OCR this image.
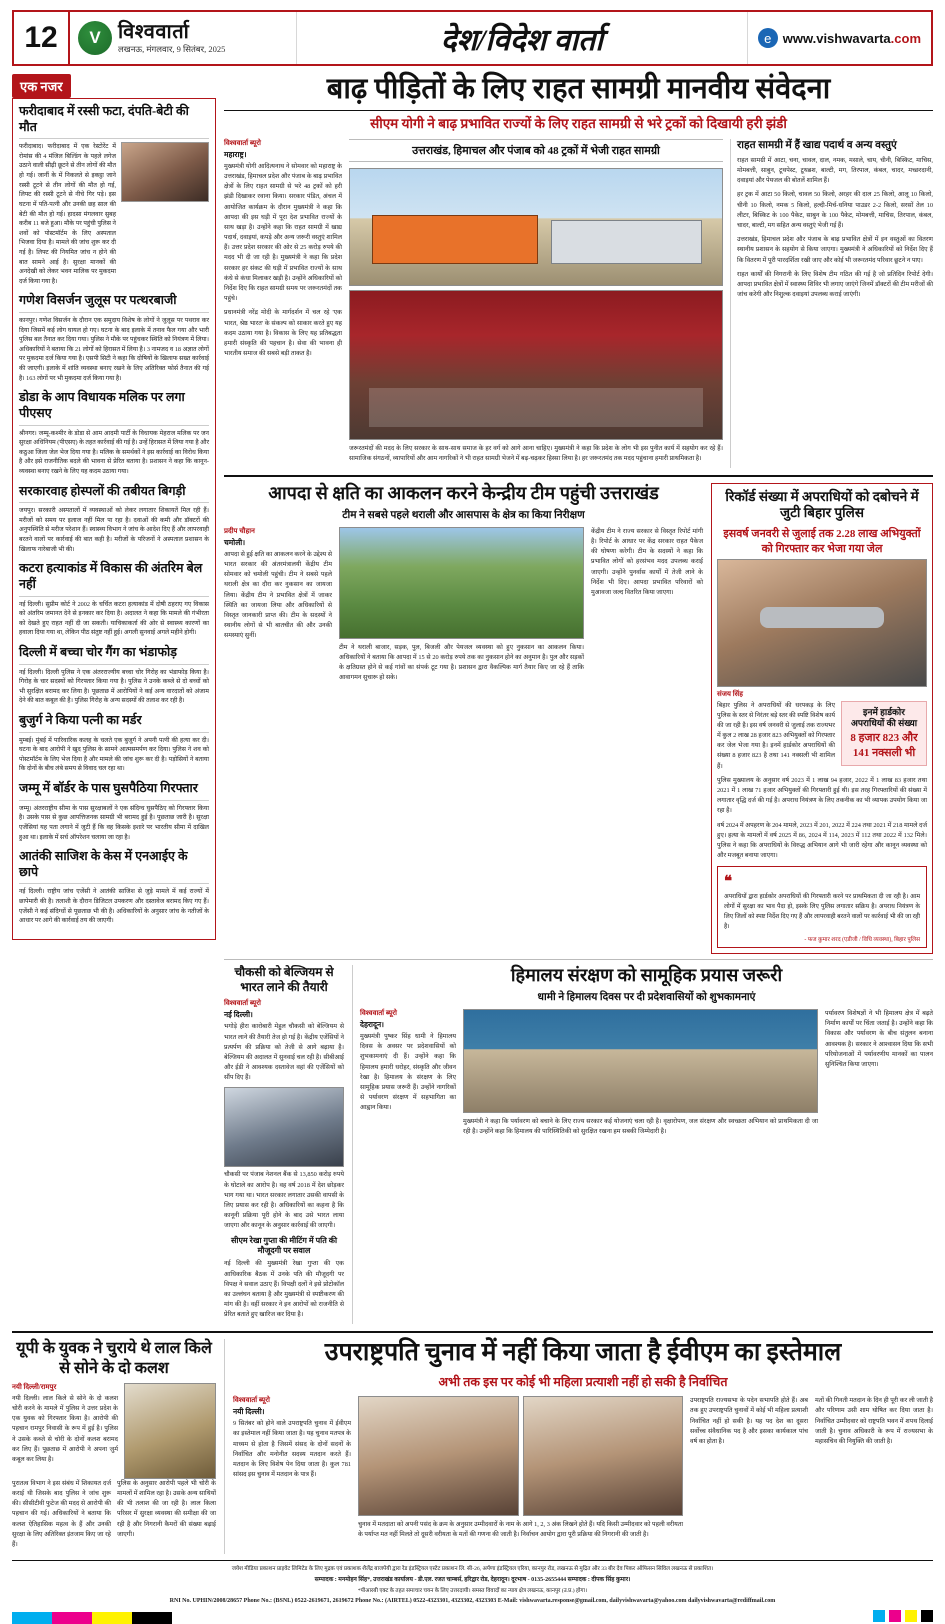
12	V विश्ववार्ता
लखनऊ, मंगलवार, 9 सितंबर, 2025	देश/विदेश वार्ता	e www.vishwavarta.com
एक नजर
फरीदाबाद में रस्सी फटा, दंपति-बेटी की मौत

फरीदाबाद। फरीदाबाद में एक रेस्टोरेंट में रोमांस की 4 मंजिल बिल्डिंग के पहले लगेज उठाने वाली सीढ़ी छूटने से तीन लोगों की मौत हो गई। जानीं के में निकलते से इकट्ठा जाने रस्सी टूटने से तीन लोगों की मौत हो गई, लिफ्ट की रस्सी टूटने से नीचे गिर पड़े। इस घटना में पति-पत्नी और उनकी छह साल की बेटी की मौत हो गई। हादसा मंगलवार सुबह करीब 11 बजे हुआ। मौके पर पहुंची पुलिस ने शवों को पोस्टमॉर्टम के लिए अस्पताल भिजवा दिया है। मामले की जांच शुरू कर दी गई है। लिफ्ट की नियमित जांच न होने की बात सामने आई है। सुरक्षा मानकों की अनदेखी को लेकर भवन मालिक पर मुकदमा दर्ज किया गया है।

गणेश विसर्जन जुलूस पर पत्थरबाजी

कानपुर। गणेश विसर्जन के दौरान एक समुदाय विशेष के लोगों ने जुलूस पर पथराव कर दिया जिसमें कई लोग घायल हो गए। घटना के बाद इलाके में तनाव फैल गया और भारी पुलिस बल तैनात कर दिया गया। पुलिस ने मौके पर पहुंचकर स्थिति को नियंत्रण में लिया। अधिकारियों ने बताया कि 21 लोगों को हिरासत में लिया है। 3 नामजद व 18 अज्ञात लोगों पर मुकदमा दर्ज किया गया है। एसपी सिटी ने कहा कि दोषियों के खिलाफ सख्त कार्रवाई की जाएगी। इलाके में शांति व्यवस्था बनाए रखने के लिए अतिरिक्त फोर्स तैनात की गई है। 163 लोगों पर भी मुकदमा दर्ज किया गया है।

डोडा के आप विधायक मलिक पर लगा पीएसए

श्रीनगर। जम्मू-कश्मीर के डोडा से आम आदमी पार्टी के विधायक मेहराज मलिक पर जन सुरक्षा अधिनियम (पीएसए) के तहत कार्रवाई की गई है। उन्हें हिरासत में लिया गया है और कठुआ जिला जेल भेज दिया गया है। मलिक के समर्थकों ने इस कार्रवाई का विरोध किया है और इसे राजनीतिक बदले की भावना से प्रेरित बताया है। प्रशासन ने कहा कि कानून-व्यवस्था बनाए रखने के लिए यह कदम उठाया गया।

सरकारवाह होस्पलों की तबीयत बिगड़ी

जयपुर। सरकारी अस्पतालों में व्यवस्थाओं को लेकर लगातार शिकायतें मिल रही हैं। मरीजों को समय पर इलाज नहीं मिल पा रहा है। दवाओं की कमी और डॉक्टरों की अनुपस्थिति से मरीज परेशान हैं। स्वास्थ्य विभाग ने जांच के आदेश दिए हैं और लापरवाही बरतने वालों पर कार्रवाई की बात कही है। मरीजों के परिजनों ने अस्पताल प्रशासन के खिलाफ नारेबाजी भी की।

कटरा हत्याकांड में विकास की अंतरिम बेल नहीं

नई दिल्ली। सुप्रीम कोर्ट ने 2002 के चर्चित कटरा हत्याकांड में दोषी ठहराए गए विकास को अंतरिम जमानत देने से इनकार कर दिया है। अदालत ने कहा कि मामले की गंभीरता को देखते हुए राहत नहीं दी जा सकती। याचिकाकर्ता की ओर से स्वास्थ्य कारणों का हवाला दिया गया था, लेकिन पीठ संतुष्ट नहीं हुई। अगली सुनवाई अगले महीने होगी।

दिल्ली में बच्चा चोर गैंग का भंडाफोड़

नई दिल्ली। दिल्ली पुलिस ने एक अंतरराज्यीय बच्चा चोर गिरोह का भंडाफोड़ किया है। गिरोह के चार सदस्यों को गिरफ्तार किया गया है। पुलिस ने उनके कब्जे से दो बच्चों को भी सुरक्षित बरामद कर लिया है। पूछताछ में आरोपियों ने कई अन्य वारदातों को अंजाम देने की बात कबूल की है। पुलिस गिरोह के अन्य सदस्यों की तलाश कर रही है।

बुजुर्ग ने किया पत्नी का मर्डर

मुम्बई। मुंबई में पारिवारिक कलह के चलते एक बुजुर्ग ने अपनी पत्नी की हत्या कर दी। घटना के बाद आरोपी ने खुद पुलिस के सामने आत्मसमर्पण कर दिया। पुलिस ने शव को पोस्टमॉर्टम के लिए भेज दिया है और मामले की जांच शुरू कर दी है। पड़ोसियों ने बताया कि दोनों के बीच लंबे समय से विवाद चल रहा था।

जम्मू में बॉर्डर के पास घुसपैठिया गिरफ्तार

जम्मू। अंतरराष्ट्रीय सीमा के पास सुरक्षाबलों ने एक संदिग्ध घुसपैठिए को गिरफ्तार किया है। उसके पास से कुछ आपत्तिजनक सामग्री भी बरामद हुई है। पूछताछ जारी है। सुरक्षा एजेंसियां यह पता लगाने में जुटी हैं कि वह किसके इशारे पर भारतीय सीमा में दाखिल हुआ था। इलाके में सर्च ऑपरेशन चलाया जा रहा है।

आतंकी साजिश के केस में एनआईए के छापे

नई दिल्ली। राष्ट्रीय जांच एजेंसी ने आतंकी साजिश से जुड़े मामले में कई राज्यों में छापेमारी की है। तलाशी के दौरान डिजिटल उपकरण और दस्तावेज बरामद किए गए हैं। एजेंसी ने कई संदिग्धों से पूछताछ भी की है। अधिकारियों के अनुसार जांच के नतीजों के आधार पर आगे की कार्रवाई तय की जाएगी।

बाढ़ पीड़ितों के लिए राहत सामग्री मानवीय संवेदना
सीएम योगी ने बाढ़ प्रभावित राज्यों के लिए राहत सामग्री से भरे ट्रकों को दिखायी हरी झंडी
विश्ववार्ता ब्यूरो
महाराष्ट्र।

मुख्यमंत्री योगी आदित्यनाथ ने सोमवार को महाराष्ट्र के उत्तराखंड, हिमाचल प्रदेश और पंजाब के बाढ़ प्रभावित क्षेत्रों के लिए राहत सामग्री से भरे 48 ट्रकों को हरी झंडी दिखाकर रवाना किया। सरकार पंडित, अंचल में आयोजित कार्यक्रम के दौरान मुख्यमंत्री ने कहा कि आपदा की इस घड़ी में पूरा देश प्रभावित राज्यों के साथ खड़ा है। उन्होंने कहा कि राहत सामग्री में खाद्य पदार्थ, दवाइयां, कपड़े और अन्य जरूरी वस्तुएं शामिल हैं। उत्तर प्रदेश सरकार की ओर से 25 करोड़ रुपये की मदद भी दी जा रही है। मुख्यमंत्री ने कहा कि प्रदेश सरकार हर संकट की घड़ी में प्रभावित राज्यों के साथ कंधे से कंधा मिलाकर खड़ी है। उन्होंने अधिकारियों को निर्देश दिए कि राहत सामग्री समय पर जरूरतमंदों तक पहुंचे।

प्रधानमंत्री नरेंद्र मोदी के मार्गदर्शन में चल रहे 'एक भारत, श्रेष्ठ भारत' के संकल्प को साकार करते हुए यह कदम उठाया गया है। विकास के लिए यह प्रतिबद्धता हमारी संस्कृति की पहचान है। सेवा की भावना ही भारतीय समाज की सबसे बड़ी ताकत है।

उत्तराखंड, हिमाचल और पंजाब को 48 ट्रकों में भेजी राहत सामग्री

जरूरतमंदों की मदद के लिए सरकार के साथ-साथ समाज के हर वर्ग को आगे आना चाहिए। मुख्यमंत्री ने कहा कि प्रदेश के लोग भी इस पुनीत कार्य में सहयोग कर रहे हैं। सामाजिक संगठनों, व्यापारियों और आम नागरिकों ने भी राहत सामग्री भेजने में बढ़-चढ़कर हिस्सा लिया है। हर जरूरतमंद तक मदद पहुंचाना हमारी प्राथमिकता है।

राहत सामग्री में हैं खाद्य पदार्थ व अन्य वस्तुएं

राहत सामग्री में आटा, चना, चावल, दाल, नमक, मसाले, चाय, चीनी, बिस्किट, माचिस, मोमबत्ती, साबुन, टूथपेस्ट, टूथब्रश, बाल्टी, मग, तिरपाल, कंबल, चादर, मच्छरदानी, दवाइयां और पेयजल की बोतलें शामिल हैं।

हर ट्रक में आटा 50 किलो, चावल 50 किलो, अरहर की दाल 25 किलो, आलू 10 किलो, चीनी 10 किलो, नमक 5 किलो, हल्दी-मिर्च-धनिया पाउडर 2-2 किलो, सरसों तेल 10 लीटर, बिस्किट के 100 पैकेट, साबुन के 100 पैकेट, मोमबत्ती, माचिस, तिरपाल, कंबल, चादर, बाल्टी, मग सहित अन्य वस्तुएं भेजी गई हैं।

उत्तराखंड, हिमाचल प्रदेश और पंजाब के बाढ़ प्रभावित क्षेत्रों में इन वस्तुओं का वितरण स्थानीय प्रशासन के सहयोग से किया जाएगा। मुख्यमंत्री ने अधिकारियों को निर्देश दिए हैं कि वितरण में पूरी पारदर्शिता रखी जाए और कोई भी जरूरतमंद परिवार छूटने न पाए।

राहत कार्यों की निगरानी के लिए विशेष टीम गठित की गई है जो प्रतिदिन रिपोर्ट देगी। आपदा प्रभावित क्षेत्रों में स्वास्थ्य शिविर भी लगाए जाएंगे जिनमें डॉक्टरों की टीम मरीजों की जांच करेगी और निशुल्क दवाइयां उपलब्ध कराई जाएंगी।

आपदा से क्षति का आकलन करने केन्द्रीय टीम पहुंची उत्तराखंड
टीम ने सबसे पहले थराली और आसपास के क्षेत्र का किया निरीक्षण
प्रदीप चौहान
चमोली।

आपदा से हुई क्षति का आकलन करने के उद्देश्य से भारत सरकार की अंतरमंत्रालयी केंद्रीय टीम सोमवार को चमोली पहुंची। टीम ने सबसे पहले थराली क्षेत्र का दौरा कर नुकसान का जायजा लिया। केंद्रीय टीम ने प्रभावित क्षेत्रों में जाकर स्थिति का जायजा लिया और अधिकारियों से विस्तृत जानकारी प्राप्त की। टीम के सदस्यों ने स्थानीय लोगों से भी बातचीत की और उनकी समस्याएं सुनीं।

टीम ने थराली बाजार, सड़क, पुल, बिजली और पेयजल व्यवस्था को हुए नुकसान का आकलन किया। अधिकारियों ने बताया कि आपदा में 15 से 20 करोड़ रुपये तक का नुकसान होने का अनुमान है। पुल और सड़कों के क्षतिग्रस्त होने से कई गांवों का संपर्क टूट गया है। प्रशासन द्वारा वैकल्पिक मार्ग तैयार किए जा रहे हैं ताकि आवागमन सुचारू हो सके।

केंद्रीय टीम ने राज्य सरकार से विस्तृत रिपोर्ट मांगी है। रिपोर्ट के आधार पर केंद्र सरकार राहत पैकेज की घोषणा करेगी। टीम के सदस्यों ने कहा कि प्रभावित लोगों को हरसंभव मदद उपलब्ध कराई जाएगी। उन्होंने पुनर्वास कार्यों में तेजी लाने के निर्देश भी दिए। आपदा प्रभावित परिवारों को मुआवजा जल्द वितरित किया जाएगा।

रिकॉर्ड संख्या में अपराधियों को दबोचने में जुटी बिहार पुलिस
इसवर्ष जनवरी से जुलाई तक 2.28 लाख अभियुक्तों को गिरफ्तार कर भेजा गया जेल
संजय सिंह

बिहार पुलिस ने अपराधियों की धरपकड़ के लिए पुलिस के स्तर से निरंतर बड़े स्तर की स्पष्टि विशेष कार्य की जा रही है। इस वर्ष जनवरी से जुलाई तक राज्यभर में कुल 2 लाख 28 हजार 823 अभियुक्तों को गिरफ्तार कर जेल भेजा गया है। इनमें हार्डकोर अपराधियों की संख्या 8 हजार 823 है तथा 141 नक्सली भी शामिल हैं।

इनमें हार्डकोर अपराधियों की संख्या
8 हजार 823 और
141 नक्सली भी

पुलिस मुख्यालय के अनुसार वर्ष 2023 में 1 लाख 94 हजार, 2022 में 1 लाख 83 हजार तथा 2021 में 1 लाख 71 हजार अभियुक्तों की गिरफ्तारी हुई थी। इस तरह गिरफ्तारियों की संख्या में लगातार वृद्धि दर्ज की गई है। अपराध नियंत्रण के लिए तकनीक का भी व्यापक उपयोग किया जा रहा है।

वर्ष 2024 में अपहरण के 204 मामले, 2023 में 201, 2022 में 224 तथा 2021 में 218 मामले दर्ज हुए। हत्या के मामलों में वर्ष 2025 में 86, 2024 में 114, 2023 में 112 तथा 2022 में 132 मिले। पुलिस ने कहा कि अपराधियों के विरुद्ध अभियान आगे भी जारी रहेगा और कानून व्यवस्था को और मजबूत बनाया जाएगा।

❝

अपराधियों द्वारा हार्डकोर अपराधियों की गिरफ्तारी करने पर प्राथमिकता दी जा रही है। आम लोगों में सुरक्षा का भाव पैदा हो, इसके लिए पुलिस लगातार सक्रिय है। अपराध नियंत्रण के लिए जिलों को स्पष्ट निर्देश दिए गए हैं और लापरवाही बरतने वालों पर कार्रवाई भी की जा रही है।

- फज कुमार शरद (एडीजी / विधि व्यवस्था), बिहार पुलिस
चौकसी को बेल्जियम से भारत लाने की तैयारी
विश्ववार्ता ब्यूरो
नई दिल्ली।

भगोड़े हीरा कारोबारी मेहुल चौकसी को बेल्जियम से भारत लाने की तैयारी तेज हो गई है। केंद्रीय एजेंसियों ने प्रत्यर्पण की प्रक्रिया को तेजी से आगे बढ़ाया है। बेल्जियम की अदालत में सुनवाई चल रही है। सीबीआई और ईडी ने आवश्यक दस्तावेज वहां की एजेंसियों को सौंप दिए हैं।

चौकसी पर पंजाब नेशनल बैंक से 13,850 करोड़ रुपये के घोटाले का आरोप है। वह वर्ष 2018 में देश छोड़कर भाग गया था। भारत सरकार लगातार उसकी वापसी के लिए प्रयास कर रही है। अधिकारियों का कहना है कि कानूनी प्रक्रिया पूरी होने के बाद उसे भारत लाया जाएगा और कानून के अनुसार कार्रवाई की जाएगी।

सीएम रेखा गुप्ता की मीटिंग में पति की मौजूदगी पर सवाल

नई दिल्ली की मुख्यमंत्री रेखा गुप्ता की एक आधिकारिक बैठक में उनके पति की मौजूदगी पर विपक्ष ने सवाल उठाए हैं। विपक्षी दलों ने इसे प्रोटोकॉल का उल्लंघन बताया है और मुख्यमंत्री से स्पष्टीकरण की मांग की है। वहीं सरकार ने इन आरोपों को राजनीति से प्रेरित बताते हुए खारिज कर दिया है।

हिमालय संरक्षण को सामूहिक प्रयास जरूरी
धामी ने हिमालय दिवस पर दी प्रदेशवासियों को शुभकामनाएं
विश्ववार्ता ब्यूरो
देहरादून।

मुख्यमंत्री पुष्कर सिंह धामी ने हिमालय दिवस के अवसर पर प्रदेशवासियों को शुभकामनाएं दी हैं। उन्होंने कहा कि हिमालय हमारी धरोहर, संस्कृति और जीवन रेखा है। हिमालय के संरक्षण के लिए सामूहिक प्रयास जरूरी हैं। उन्होंने नागरिकों से पर्यावरण संरक्षण में सहभागिता का आह्वान किया।

मुख्यमंत्री ने कहा कि पर्यावरण को बचाने के लिए राज्य सरकार कई योजनाएं चला रही है। वृक्षारोपण, जल संरक्षण और स्वच्छता अभियान को प्राथमिकता दी जा रही है। उन्होंने कहा कि हिमालय की पारिस्थितिकी को सुरक्षित रखना हम सबकी जिम्मेदारी है।

पर्यावरण विशेषज्ञों ने भी हिमालय क्षेत्र में बढ़ते निर्माण कार्यों पर चिंता जताई है। उन्होंने कहा कि विकास और पर्यावरण के बीच संतुलन बनाना आवश्यक है। सरकार ने आश्वासन दिया कि सभी परियोजनाओं में पर्यावरणीय मानकों का पालन सुनिश्चित किया जाएगा।

यूपी के युवक ने चुराये थे लाल किले से सोने के दो कलश
नयी दिल्ली/रामपुर

नयी दिल्ली। लाल किले से सोने के दो कलश चोरी करने के मामले में पुलिस ने उत्तर प्रदेश के एक युवक को गिरफ्तार किया है। आरोपी की पहचान रामपुर निवासी के रूप में हुई है। पुलिस ने उसके कब्जे से चोरी के दोनों कलश बरामद कर लिए हैं। पूछताछ में आरोपी ने अपना जुर्म कबूल कर लिया है।

पुरातत्व विभाग ने इस संबंध में शिकायत दर्ज कराई थी जिसके बाद पुलिस ने जांच शुरू की। सीसीटीवी फुटेज की मदद से आरोपी की पहचान की गई। अधिकारियों ने बताया कि कलश ऐतिहासिक महत्व के हैं और उनकी सुरक्षा के लिए अतिरिक्त इंतजाम किए जा रहे हैं।

पुलिस के अनुसार आरोपी पहले भी चोरी के मामलों में शामिल रहा है। उसके अन्य साथियों की भी तलाश की जा रही है। लाल किला परिसर में सुरक्षा व्यवस्था की समीक्षा की जा रही है और निगरानी कैमरों की संख्या बढ़ाई जाएगी।

उपराष्ट्रपति चुनाव में नहीं किया जाता है ईवीएम का इस्तेमाल
अभी तक इस पर कोई भी महिला प्रत्याशी नहीं हो सकी है निर्वाचित
विश्ववार्ता ब्यूरो
नयी दिल्ली।

9 सितंबर को होने वाले उपराष्ट्रपति चुनाव में ईवीएम का इस्तेमाल नहीं किया जाता है। यह चुनाव मतपत्र के माध्यम से होता है जिसमें संसद के दोनों सदनों के निर्वाचित और मनोनीत सदस्य मतदान करते हैं। मतदान के लिए विशेष पेन दिया जाता है। कुल 781 सांसद इस चुनाव में मतदान के पात्र हैं।

चुनाव में मतदाता को अपनी पसंद के क्रम के अनुसार उम्मीदवारों के नाम के आगे 1, 2, 3 अंक लिखने होते हैं। यदि किसी उम्मीदवार को पहली वरीयता के पर्याप्त मत नहीं मिलते तो दूसरी वरीयता के मतों की गणना की जाती है। निर्वाचन आयोग द्वारा पूरी प्रक्रिया की निगरानी की जाती है।

उपराष्ट्रपति राज्यसभा के पदेन सभापति होते हैं। अब तक हुए उपराष्ट्रपति चुनावों में कोई भी महिला प्रत्याशी निर्वाचित नहीं हो सकी है। यह पद देश का दूसरा सर्वोच्च संवैधानिक पद है और इसका कार्यकाल पांच वर्ष का होता है।

मतों की गिनती मतदान के दिन ही पूरी कर ली जाती है और परिणाम उसी शाम घोषित कर दिया जाता है। निर्वाचित उम्मीदवार को राष्ट्रपति भवन में शपथ दिलाई जाती है। चुनाव अधिकारी के रूप में राज्यसभा के महासचिव की नियुक्ति की जाती है।

जयेश मीडिया प्रकाशन प्राइवेट लिमिटेड के लिए मुद्रक एवं प्रकाशक शैलेंद्र बाजपेयी द्वारा रेड इंडस्ट्रियल एस्टेट प्रकाशन लि. सी-26, अर्पणा इंडस्ट्रियल एरिया, कानपुर रोड, लखनऊ से मुद्रित और 33 बीर देव पिकर ऑफिसन सिविल लखनऊ से प्रकाशित।

सम्पादक : मनमोहन सिंह*, उत्तराखंड कार्यालय - डी.एल. रजत चाम्बर्स, हरिद्वार रोड, देहरादून। दूरभाष - 0135-2655444 सम्पादक : दीपक सिंह कुमार।

*पीआरबी एक्ट के तहत समाचार चयन के लिए उत्तरदायी। समस्त विवादों का न्याय क्षेत्र लखनऊ, कानपुर (उ.प्र.) होगा।

RNI No. UPHIN/2008/28657 Phone No.: (BSNL) 0522-2619671, 2619672 Phone No.: (AIRTEL) 0522-4323301, 4323302, 4323303 E-Mail: vishwavarta.response@gmail.com, dailyvishwavarta@yahoo.com dailyvishwavarta@rediffmail.com
